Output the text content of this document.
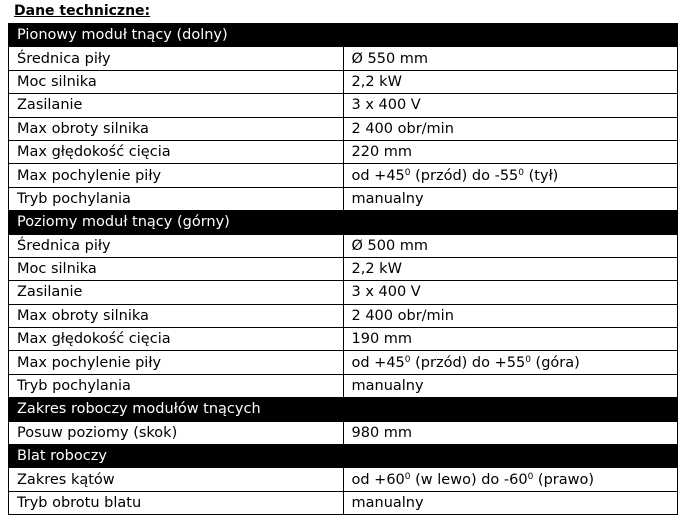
Dane techniczne:
Pionowy moduł tnący (dolny)	
Średnica piły	Ø 550 mm
Moc silnika	2,2 kW
Zasilanie	3 x 400 V
Max obroty silnika	2 400 obr/min
Max głędokość cięcia	220 mm
Max pochylenie piły	od $+45^0$ (przód) do $-55^0$ (tył)
Tryb pochylania	manualny
Poziomy moduł tnący (górny)	
Średnica piły	Ø 500 mm
Moc silnika	2,2 kW
Zasilanie	3 x 400 V
Max obroty silnika	2 400 obr/min
Max głędokość cięcia	190 mm
Max pochylenie piły	od $+45^0$ (przód) do $+55^0$ (góra)
Tryb pochylania	manualny
Zakres roboczy modułów tnących	
Posuw poziomy (skok)	980 mm
Blat roboczy	
Zakres kątów	od $+60^0$ (w lewo) do $-60^0$ (prawo)
Tryb obrotu blatu	manualny
